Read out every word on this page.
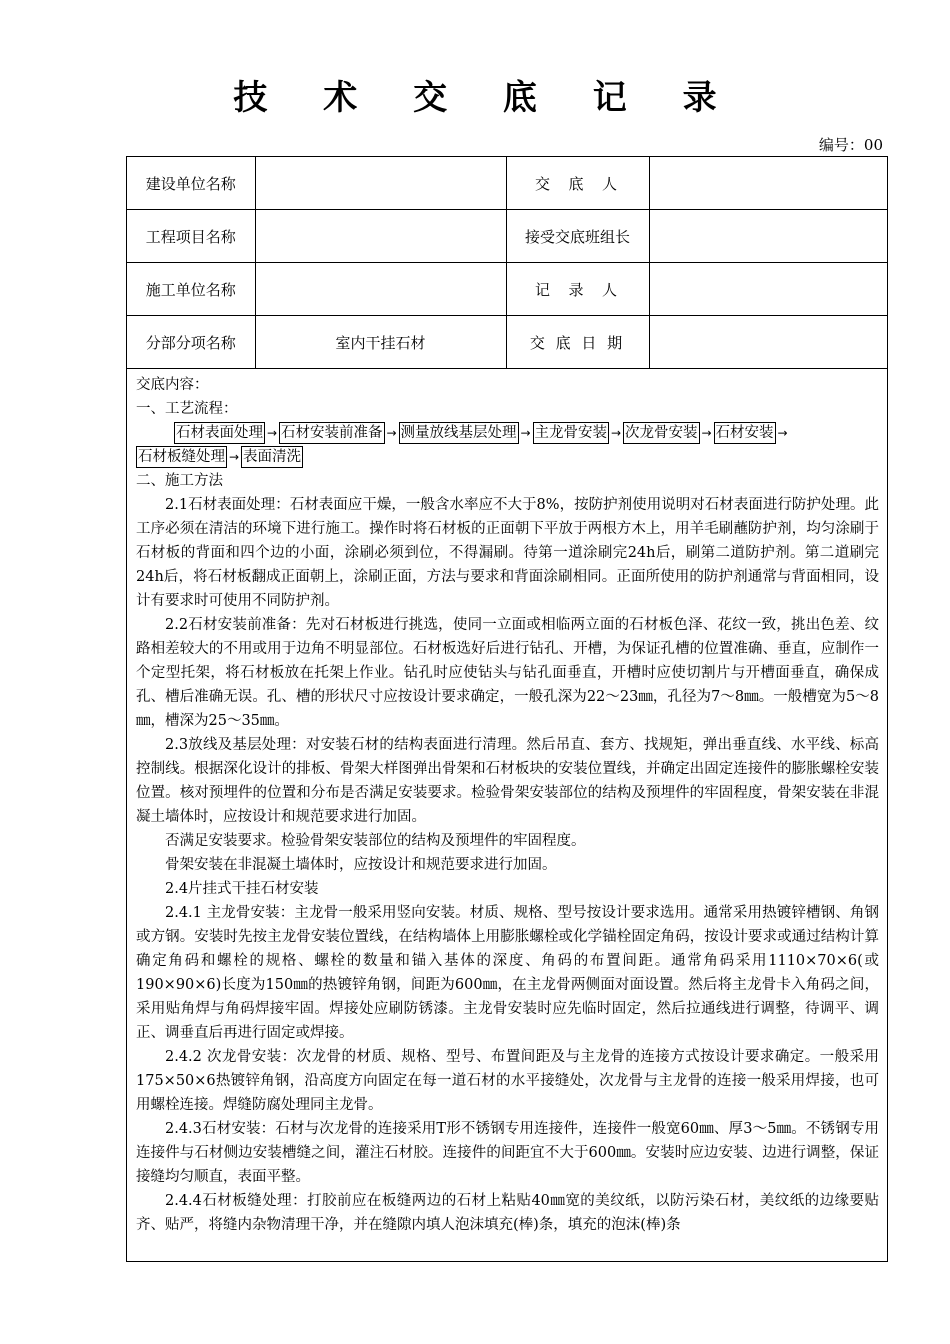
技 术 交 底 记 录
编号：00
建设单位名称		交  底  人	
工程项目名称		接受交底班组长	
施工单位名称		记  录  人	
分部分项名称	室内干挂石材	交 底 日 期	

交底内容：

一、工艺流程：

石材表面处理 → 石材安装前准备 → 测量放线基层处理 → 主龙骨安装 → 次龙骨安装 → 石材安装 →

石材板缝处理 → 表面清洗

二、施工方法

2.1石材表面处理：石材表面应干燥，一般含水率应不大于8%，按防护剂使用说明对石材表面进行防护处理。此工序必须在清洁的环境下进行施工。操作时将石材板的正面朝下平放于两根方木上，用羊毛刷蘸防护剂，均匀涂刷于石材板的背面和四个边的小面，涂刷必须到位，不得漏刷。待第一道涂刷完24h后，刷第二道防护剂。第二道刷完24h后，将石材板翻成正面朝上，涂刷正面，方法与要求和背面涂刷相同。正面所使用的防护剂通常与背面相同，设计有要求时可使用不同防护剂。

2.2石材安装前准备：先对石材板进行挑选，使同一立面或相临两立面的石材板色泽、花纹一致，挑出色差、纹路相差较大的不用或用于边角不明显部位。石材板选好后进行钻孔、开槽，为保证孔槽的位置准确、垂直，应制作一个定型托架，将石材板放在托架上作业。钻孔时应使钻头与钻孔面垂直，开槽时应使切割片与开槽面垂直，确保成孔、槽后准确无误。孔、槽的形状尺寸应按设计要求确定，一般孔深为22～23㎜，孔径为7～8㎜。一般槽宽为5～8㎜，槽深为25～35㎜。

2.3放线及基层处理：对安装石材的结构表面进行清理。然后吊直、套方、找规矩，弹出垂直线、水平线、标高控制线。根据深化设计的排板、骨架大样图弹出骨架和石材板块的安装位置线，并确定出固定连接件的膨胀螺栓安装位置。核对预埋件的位置和分布是否满足安装要求。检验骨架安装部位的结构及预埋件的牢固程度，骨架安装在非混凝土墙体时，应按设计和规范要求进行加固。

否满足安装要求。检验骨架安装部位的结构及预埋件的牢固程度。

骨架安装在非混凝土墙体时，应按设计和规范要求进行加固。

2.4片挂式干挂石材安装

2.4.1 主龙骨安装：主龙骨一般采用竖向安装。材质、规格、型号按设计要求选用。通常采用热镀锌槽钢、角钢或方钢。安装时先按主龙骨安装位置线，在结构墙体上用膨胀螺栓或化学锚栓固定角码，按设计要求或通过结构计算确定角码和螺栓的规格、螺栓的数量和锚入基体的深度、角码的布置间距。通常角码采用1110×70×6(或190×90×6)长度为150㎜的热镀锌角钢，间距为600㎜，在主龙骨两侧面对面设置。然后将主龙骨卡入角码之间，采用贴角焊与角码焊接牢固。焊接处应刷防锈漆。主龙骨安装时应先临时固定，然后拉通线进行调整，待调平、调正、调垂直后再进行固定或焊接。

2.4.2 次龙骨安装：次龙骨的材质、规格、型号、布置间距及与主龙骨的连接方式按设计要求确定。一般采用175×50×6热镀锌角钢，沿高度方向固定在每一道石材的水平接缝处，次龙骨与主龙骨的连接一般采用焊接，也可用螺栓连接。焊缝防腐处理同主龙骨。

2.4.3石材安装：石材与次龙骨的连接采用T形不锈钢专用连接件，连接件一般宽60㎜、厚3～5㎜。不锈钢专用连接件与石材侧边安装槽缝之间，灌注石材胶。连接件的间距宜不大于600㎜。安装时应边安装、边进行调整，保证接缝均匀顺直，表面平整。

2.4.4石材板缝处理：打胶前应在板缝两边的石材上粘贴40㎜宽的美纹纸，以防污染石材，美纹纸的边缘要贴齐、贴严，将缝内杂物清理干净，并在缝隙内填人泡沫填充(棒)条，填充的泡沫(棒)条
